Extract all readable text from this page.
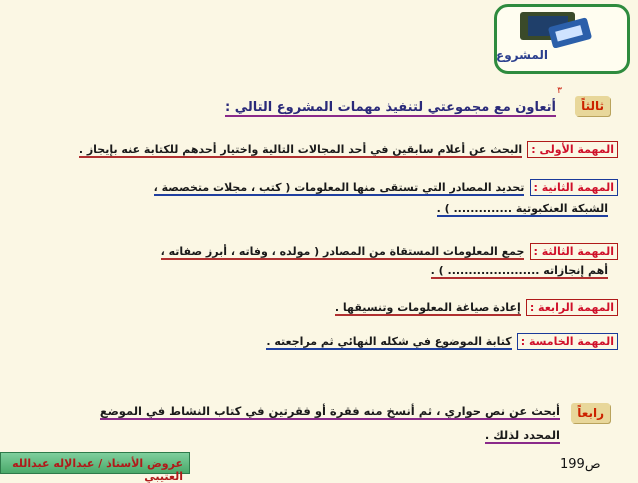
المشروع
ثالثاً
٣
أتعاون مع مجموعتي لتنفيذ مهمات المشروع التالي :
المهمة الأولى : البحث عن أعلام سابقين في أحد المجالات التالية واختيار أحدهم للكتابة عنه بإيجاز .
المهمة الثانية : تحديد المصادر التي تستقى منها المعلومات ( كتب ، مجلات متخصصة ،
الشبكة العنكبوتية .............. ) .
المهمة الثالثة : جمع المعلومات المستقاة من المصادر ( مولده ، وفاته ، أبرز صفاته ،
أهم إنجازاته ...................... ) .
المهمة الرابعة : إعادة صياغة المعلومات وتنسيقها .
المهمة الخامسة : كتابة الموضوع في شكله النهائي ثم مراجعته .
رابعاً
أبحث عن نص حواري ، ثم أنسخ منه فقرة أو فقرتين في كتاب النشاط في الموضع
المحدد لذلك .
عروض الأستاذ / عبدالإله عبدالله العتيبي
ص199
